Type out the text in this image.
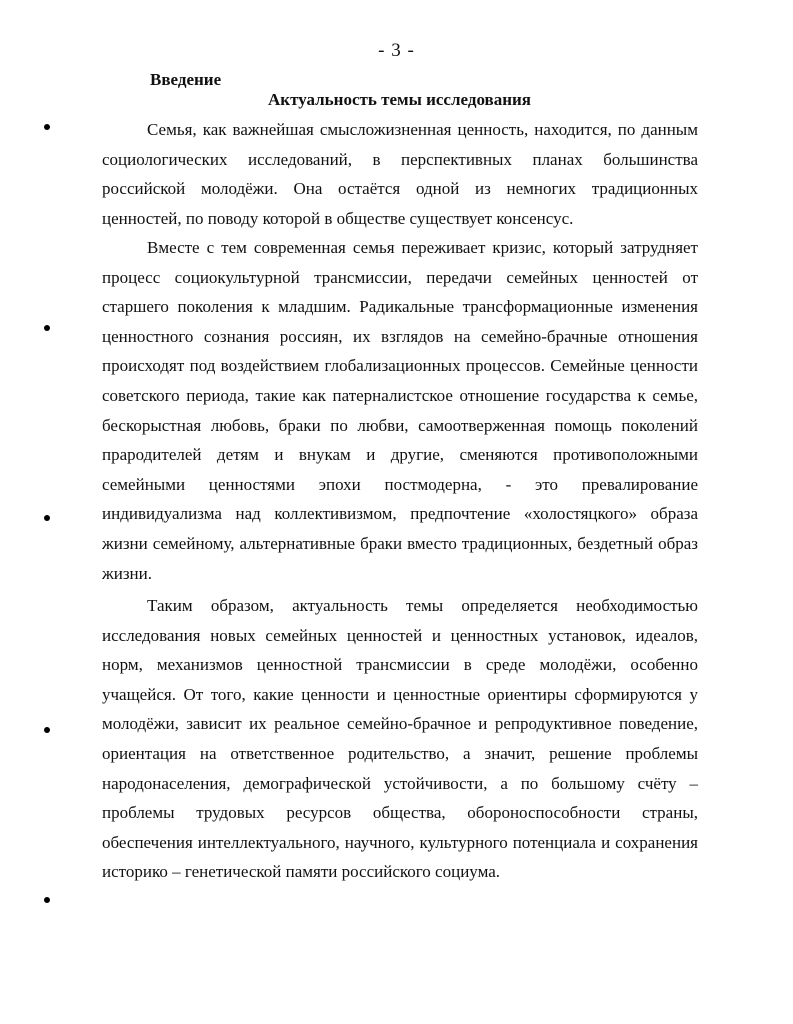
- 3 -
Введение
Актуальность темы исследования

Семья, как важнейшая смысложизненная ценность, находится, по данным социологических исследований, в перспективных планах большинства российской молодёжи. Она остаётся одной из немногих традиционных ценностей, по поводу которой в обществе существует консенсус.

Вместе с тем современная семья переживает кризис, который затрудняет процесс социокультурной трансмиссии, передачи семейных ценностей от старшего поколения к младшим. Радикальные трансформационные изменения ценностного сознания россиян, их взглядов на семейно-брачные отношения происходят под воздействием глобализационных процессов. Семейные ценности советского периода, такие как патерналистское отношение государства к семье, бескорыстная любовь, браки по любви, самоотверженная помощь поколений прародителей детям и внукам и другие, сменяются противоположными семейными ценностями эпохи постмодерна, - это превалирование индивидуализма над коллективизмом, предпочтение «холостяцкого» образа жизни семейному, альтернативные браки вместо традиционных, бездетный образ жизни.

Таким образом, актуальность темы определяется необходимостью исследования новых семейных ценностей и ценностных установок, идеалов, норм, механизмов ценностной трансмиссии в среде молодёжи, особенно учащейся. От того, какие ценности и ценностные ориентиры сформируются у молодёжи, зависит их реальное семейно-брачное и репродуктивное поведение, ориентация на ответственное родительство, а значит, решение проблемы народонаселения, демографической устойчивости, а по большому счёту – проблемы трудовых ресурсов общества, обороноспособности страны, обеспечения интеллектуального, научного, культурного потенциала и сохранения историко – генетической памяти российского социума.
